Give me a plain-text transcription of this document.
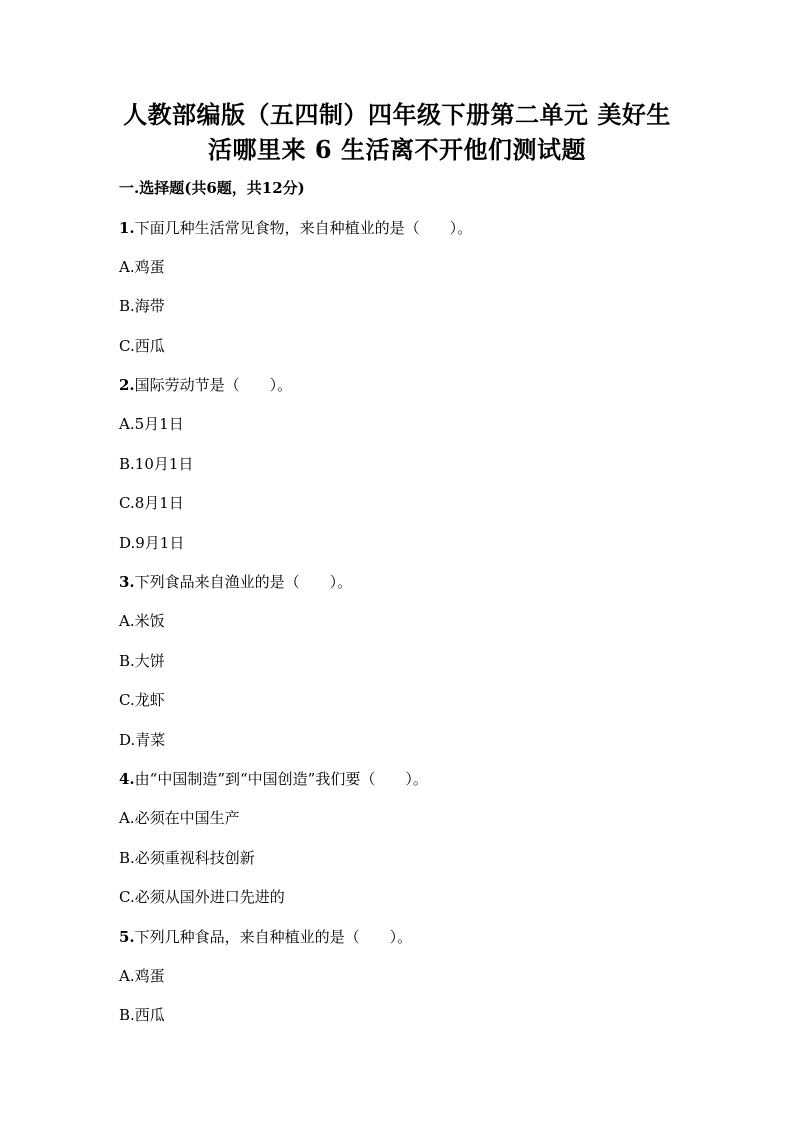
人教部编版（五四制）四年级下册第二单元 美好生
活哪里来 6 生活离不开他们测试题
一.选择题(共6题，共12分)
1.下面几种生活常见食物，来自种植业的是（　　）。
A.鸡蛋
B.海带
C.西瓜
2.国际劳动节是（　　）。
A.5月1日
B.10月1日
C.8月1日
D.9月1日
3.下列食品来自渔业的是（　　）。
A.米饭
B.大饼
C.龙虾
D.青菜
4.由“中国制造”到“中国创造”我们要（　　）。
A.必须在中国生产
B.必须重视科技创新
C.必须从国外进口先进的
5.下列几种食品，来自种植业的是（　　）。
A.鸡蛋
B.西瓜
